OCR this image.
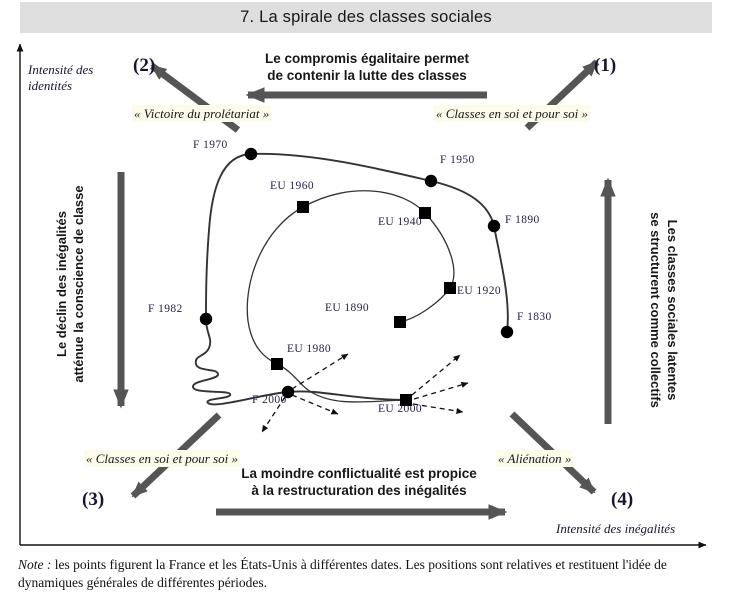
7. La spirale des classes sociales
F 1830
F 1890
F 1950
F 1970
F 1982
F 2000
EU 1890
EU 1920
EU 1940
EU 1960
EU 1980
EU 2000
Intensité des
identités
Intensité des inégalités
(1)
(2)
(3)	(4)
Le compromis égalitaire permet
de contenir la lutte des classes
La moindre conflictualité est propice
à la restructuration des inégalités
Le déclin des inégalités atténue la conscience de classe	Les classes sociales latentes
se structurent comme collectifs
« Victoire du prolétariat »	« Classes en soi et pour soi »
« Classes en soi et pour soi »	« Aliénation »
Note : les points figurent la France et les États-Unis à différentes dates. Les positions sont relatives et restituent l'idée de dynamiques générales de différentes périodes.
